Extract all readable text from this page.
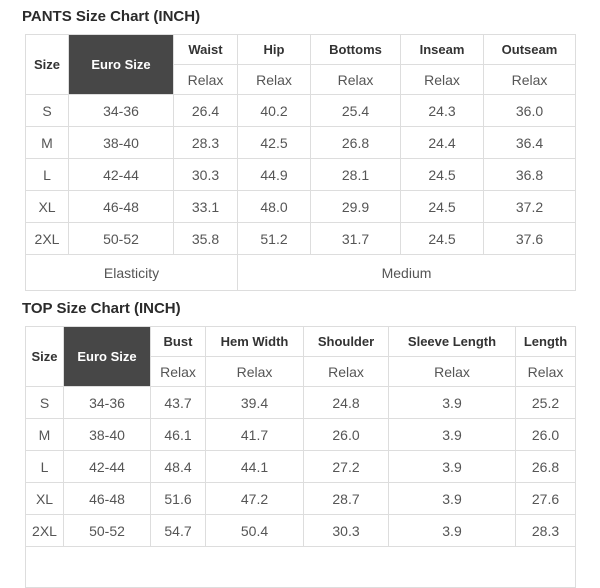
PANTS Size Chart (INCH)
Size	Euro Size	Waist	Hip	Bottoms	Inseam	Outseam
		Relax	Relax	Relax	Relax	Relax
S	34-36	26.4	40.2	25.4	24.3	36.0
M	38-40	28.3	42.5	26.8	24.4	36.4
L	42-44	30.3	44.9	28.1	24.5	36.8
XL	46-48	33.1	48.0	29.9	24.5	37.2
2XL	50-52	35.8	51.2	31.7	24.5	37.6
Elasticity			Medium			
TOP Size Chart (INCH)
Size	Euro Size	Bust	Hem Width	Shoulder	Sleeve Length	Length
		Relax	Relax	Relax	Relax	Relax
S	34-36	43.7	39.4	24.8	3.9	25.2
M	38-40	46.1	41.7	26.0	3.9	26.0
L	42-44	48.4	44.1	27.2	3.9	26.8
XL	46-48	51.6	47.2	28.7	3.9	27.6
2XL	50-52	54.7	50.4	30.3	3.9	28.3
